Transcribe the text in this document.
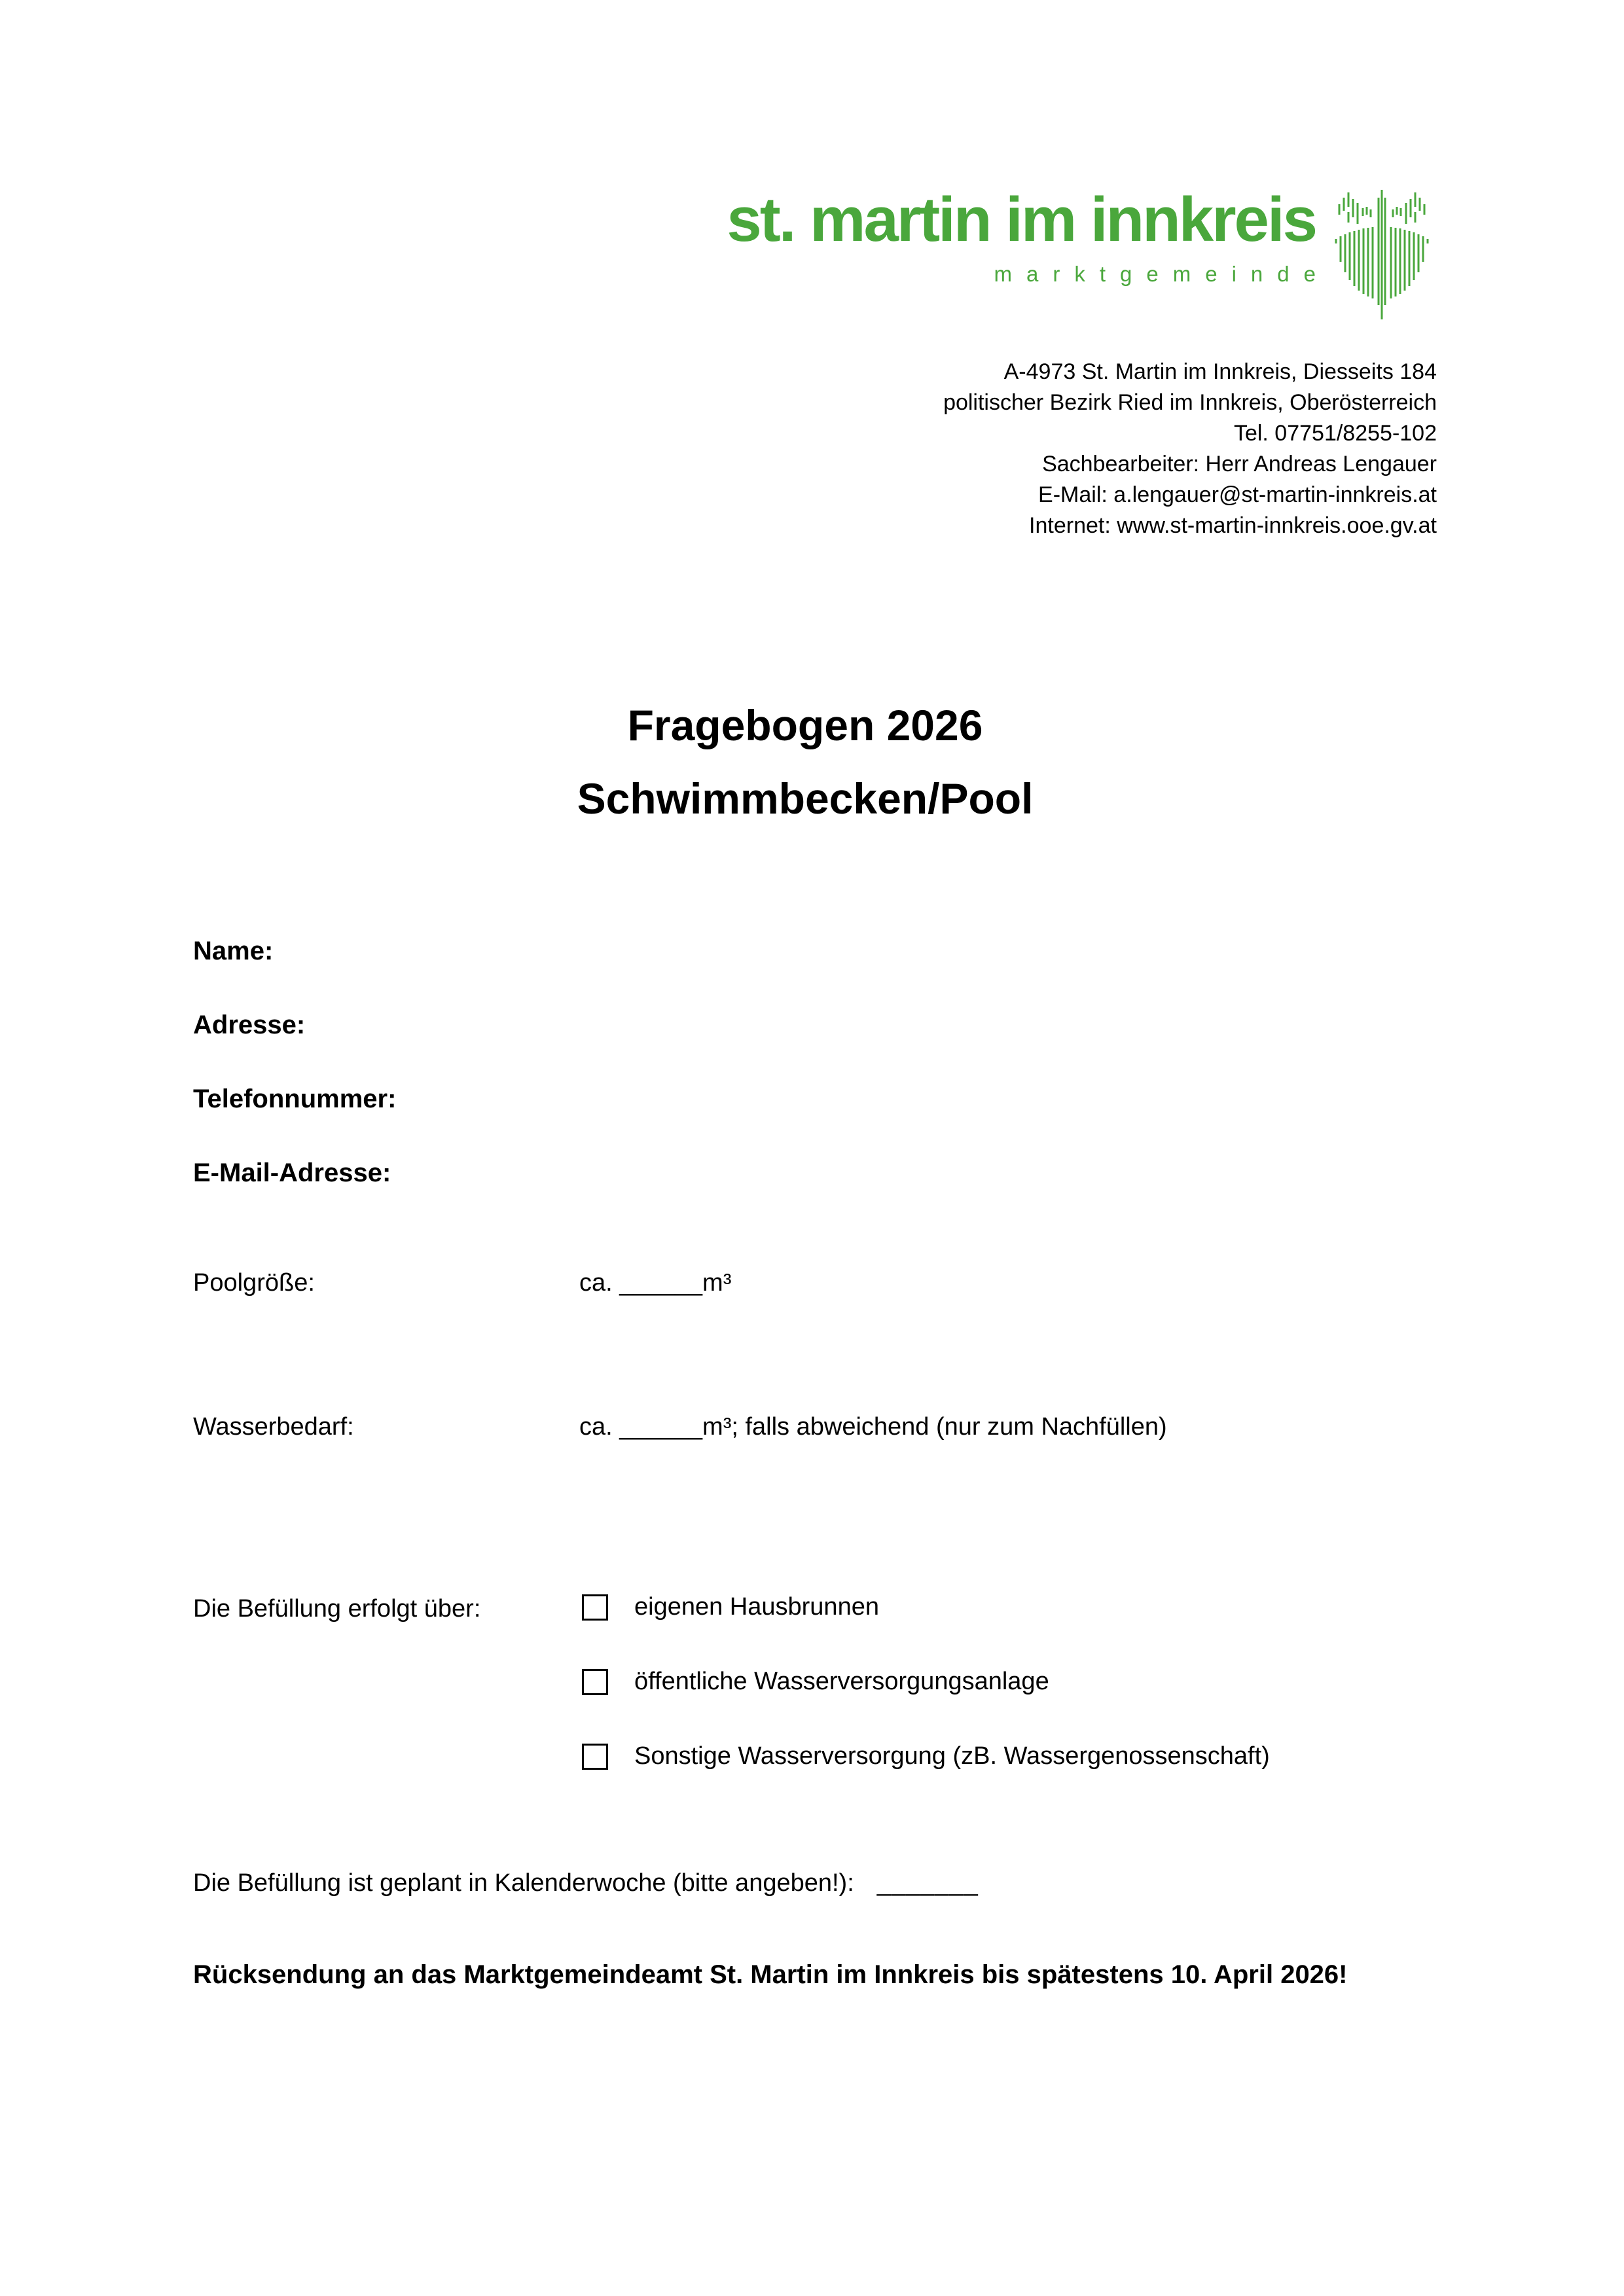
st. martin im innkreis
marktgemeinde
A-4973 St. Martin im Innkreis, Diesseits 184
politischer Bezirk Ried im Innkreis, Oberösterreich
Tel. 07751/8255-102
Sachbearbeiter: Herr Andreas Lengauer
E-Mail: a.lengauer@st-martin-innkreis.at
Internet: www.st-martin-innkreis.ooe.gv.at
Fragebogen 2026
Schwimmbecken/Pool
Name:
Adresse:
Telefonnummer:
E-Mail-Adresse:
Poolgröße:	ca. ______m³
Wasserbedarf:	ca. ______m³; falls abweichend (nur zum Nachfüllen)
Die Befüllung erfolgt über:	eigenen Hausbrunnen
öffentliche Wasserversorgungsanlage
Sonstige Wasserversorgung (zB. Wassergenossenschaft)
Die Befüllung ist geplant in Kalenderwoche (bitte angeben!): _______
Rücksendung an das Marktgemeindeamt St. Martin im Innkreis bis spätestens 10. April 2026!
